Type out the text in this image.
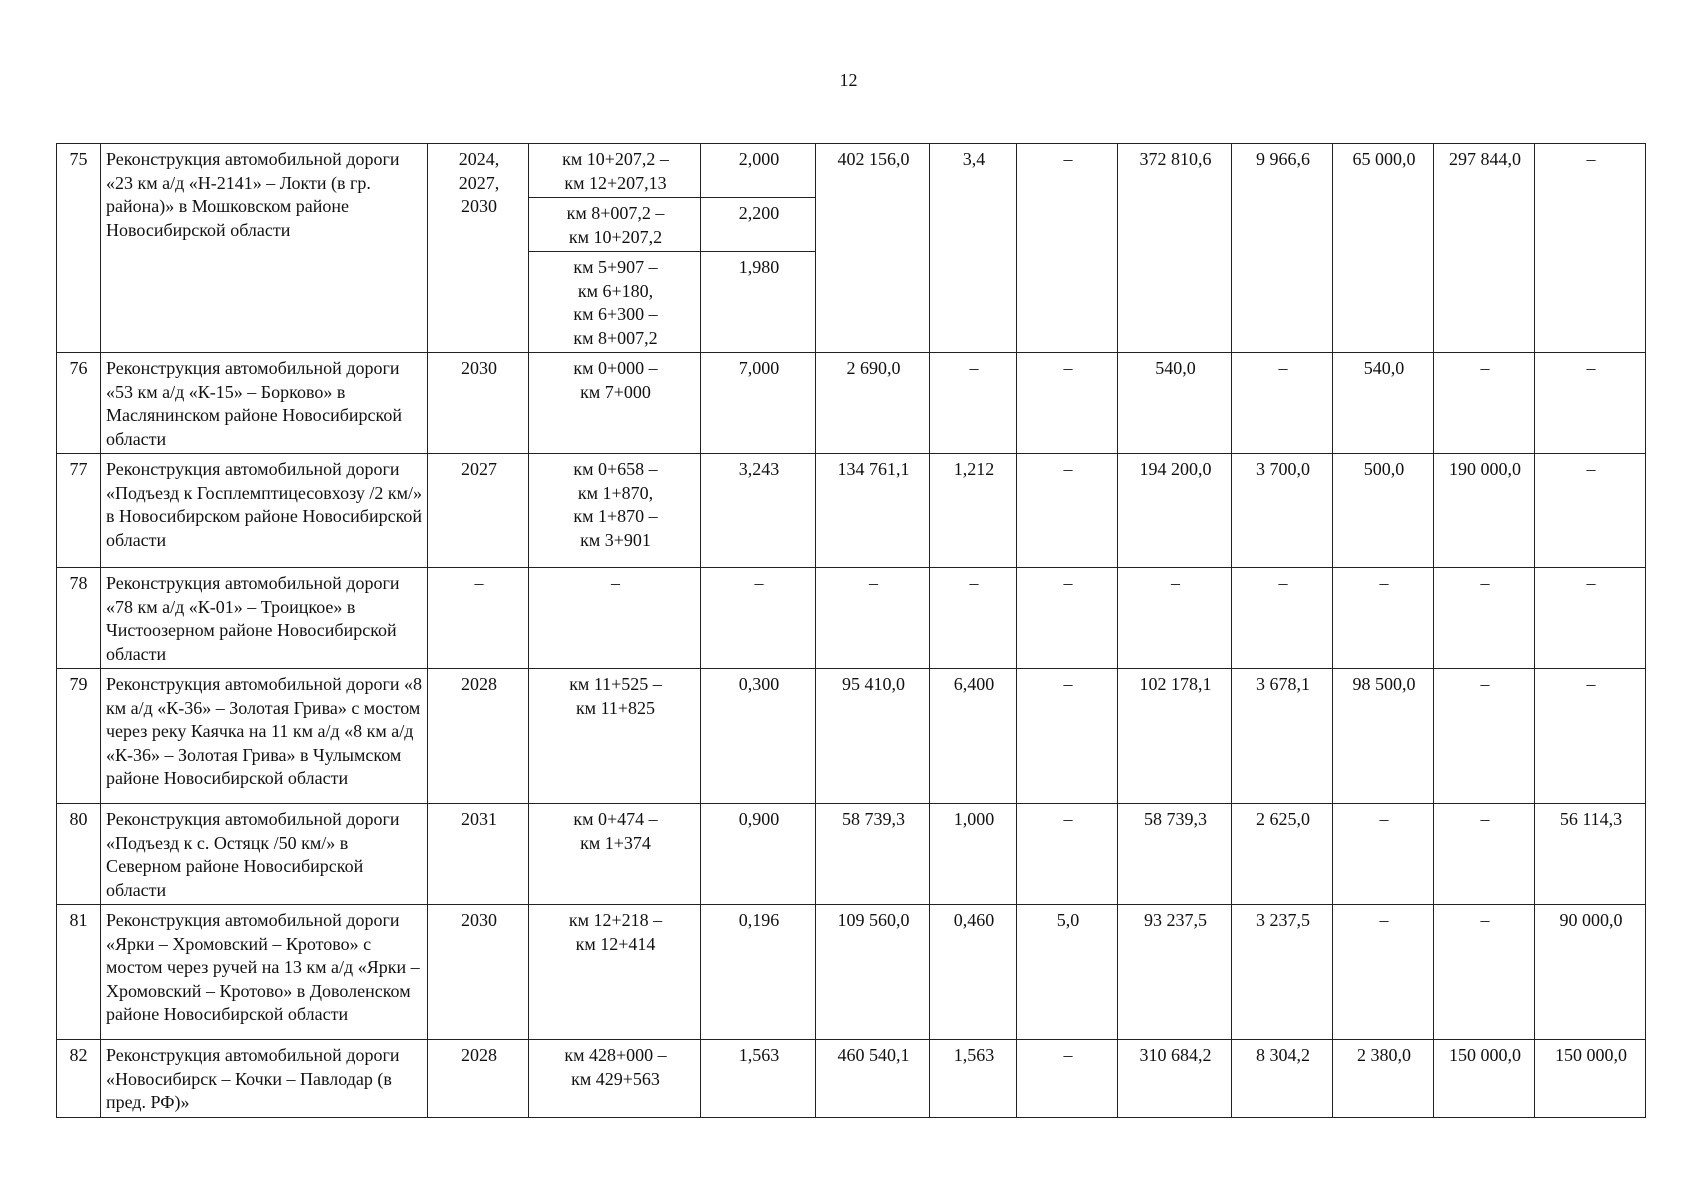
12
75	Реконструкция автомобильной дороги «23 км а/д «Н-2141» – Локти (в гр. района)» в Мошковском районе Новосибирской области	2024,
2027,
2030	км 10+207,2 –
км 12+207,13	2,000	402 156,0	3,4	–	372 810,6	9 966,6	65 000,0	297 844,0	–
			км 8+007,2 –
км 10+207,2	2,200								
			км 5+907 –
км 6+180,
км 6+300 –
км 8+007,2	1,980								
76	Реконструкция автомобильной дороги «53 км а/д «К-15» – Борково» в Маслянинском районе Новосибирской области	2030	км 0+000 –
км 7+000	7,000	2 690,0	–	–	540,0	–	540,0	–	–
77	Реконструкция автомобильной дороги «Подъезд к Госплемптицесовхозу /2 км/» в Новосибирском районе Новосибирской области	2027	км 0+658 –
км 1+870,
км 1+870 –
км 3+901	3,243	134 761,1	1,212	–	194 200,0	3 700,0	500,0	190 000,0	–
78	Реконструкция автомобильной дороги «78 км а/д «К-01» – Троицкое» в Чистоозерном районе Новосибирской области	–	–	–	–	–	–	–	–	–	–	–
79	Реконструкция автомобильной дороги «8 км а/д «К-36» – Золотая Грива» с мостом через реку Каячка на 11 км а/д «8 км а/д «К-36» – Золотая Грива» в Чулымском районе Новосибирской области	2028	км 11+525 –
км 11+825	0,300	95 410,0	6,400	–	102 178,1	3 678,1	98 500,0	–	–
80	Реконструкция автомобильной дороги «Подъезд к с. Остяцк /50 км/» в Северном районе Новосибирской области	2031	км 0+474 –
км 1+374	0,900	58 739,3	1,000	–	58 739,3	2 625,0	–	–	56 114,3
81	Реконструкция автомобильной дороги «Ярки – Хромовский – Кротово» с мостом через ручей на 13 км а/д «Ярки – Хромовский – Кротово» в Доволенском районе Новосибирской области	2030	км 12+218 –
км 12+414	0,196	109 560,0	0,460	5,0	93 237,5	3 237,5	–	–	90 000,0
82	Реконструкция автомобильной дороги «Новосибирск – Кочки – Павлодар (в пред. РФ)»	2028	км 428+000 –
км 429+563	1,563	460 540,1	1,563	–	310 684,2	8 304,2	2 380,0	150 000,0	150 000,0
